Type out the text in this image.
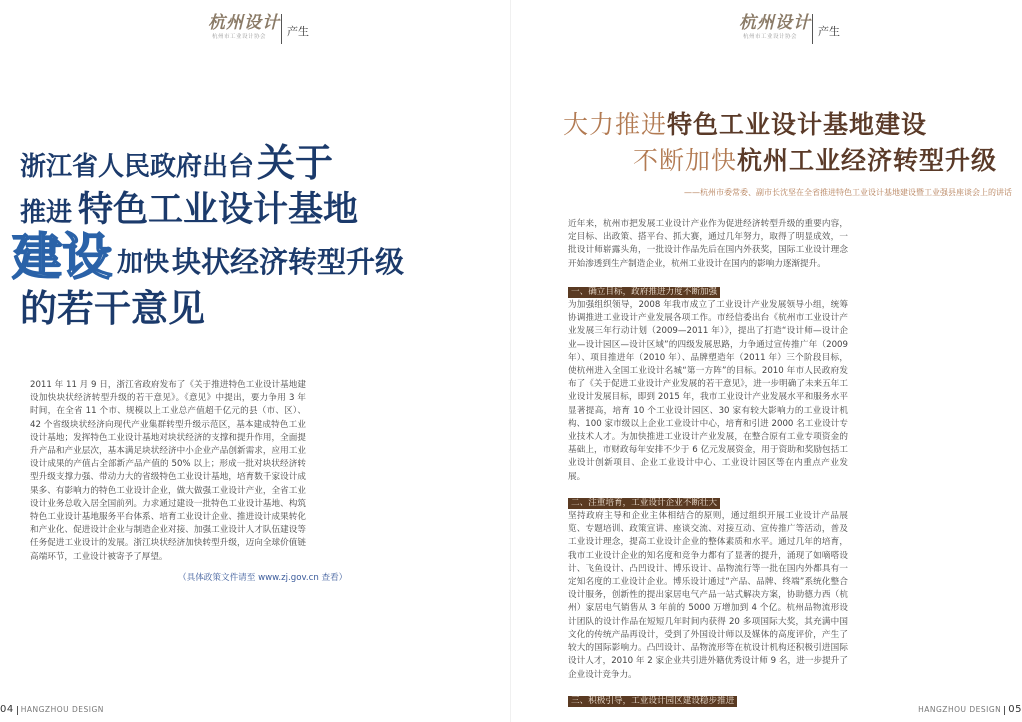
杭州设计
杭州市工业设计协会 产生
浙江省人民政府出台 关于
推进 特色工业设计基地
建设 加快 块状经济转型升级
的若干意见
2011 年 11 月 9 日，浙江省政府发布了《关于推进特色工业设计基地建设加快块状经济转型升级的若干意见》。《意见》中提出，要力争用 3 年时间，在全省 11 个市、规模以上工业总产值超千亿元的县（市、区）、42 个省级块状经济向现代产业集群转型升级示范区，基本建成特色工业设计基地；发挥特色工业设计基地对块状经济的支撑和提升作用，全面提升产品和产业层次，基本满足块状经济中小企业产品创新需求，应用工业设计成果的产值占全部新产品产值的 50% 以上；形成一批对块状经济转型升级支撑力强、带动力大的省级特色工业设计基地，培育数千家设计成果多、有影响力的特色工业设计企业，做大做强工业设计产业，全省工业设计业务总收入居全国前列。力求通过建设一批特色工业设计基地、构筑特色工业设计基地服务平台体系、培育工业设计企业、推进设计成果转化和产业化、促进设计企业与制造企业对接、加强工业设计人才队伍建设等任务促进工业设计的发展。浙江块状经济加快转型升级，迈向全球价值链高端环节，工业设计被寄予了厚望。
（具体政策文件请至 www.zj.gov.cn 查看）
04 HANGZHOU DESIGN
杭州设计
杭州市工业设计协会 产生
大力推进特色工业设计基地建设
不断加快杭州工业经济转型升级
——杭州市委常委、副市长沈坚在全省推进特色工业设计基地建设暨工业强县座谈会上的讲话

近年来，杭州市把发展工业设计产业作为促进经济转型升级的重要内容，定目标、出政策、搭平台、抓大赛，通过几年努力，取得了明显成效，一批设计师崭露头角，一批设计作品先后在国内外获奖，国际工业设计理念开始渗透到生产制造企业，杭州工业设计在国内的影响力逐渐提升。

一、确立目标，政府推进力度不断加强

为加强组织领导，2008 年我市成立了工业设计产业发展领导小组，统筹协调推进工业设计产业发展各项工作。市经信委出台《杭州市工业设计产业发展三年行动计划（2009—2011 年）》，提出了打造“设计师—设计企业—设计园区—设计区域”的四级发展思路，力争通过宣传推广年（2009 年）、项目推进年（2010 年）、品牌塑造年（2011 年）三个阶段目标，使杭州进入全国工业设计名城“第一方阵”的目标。2010 年市人民政府发布了《关于促进工业设计产业发展的若干意见》，进一步明确了未来五年工业设计发展目标，即到 2015 年，我市工业设计产业发展水平和服务水平显著提高，培育 10 个工业设计园区、30 家有较大影响力的工业设计机构、100 家市级以上企业工业设计中心，培育和引进 2000 名工业设计专业技术人才。为加快推进工业设计产业发展，在整合原有工业专项资金的基础上，市财政每年安排不少于 6 亿元发展资金，用于资助和奖励包括工业设计创新项目、企业工业设计中心、工业设计园区等在内重点产业发展。

二、注重培育，工业设计企业不断壮大

坚持政府主导和企业主体相结合的原则，通过组织开展工业设计产品展览、专题培训、政策宣讲、座谈交流、对接互动、宣传推广等活动，普及工业设计理念，提高工业设计企业的整体素质和水平。通过几年的培育，我市工业设计企业的知名度和竞争力都有了显著的提升，涌现了如嘀嗒设计、飞鱼设计、凸凹设计、博乐设计、品物流行等一批在国内外都具有一定知名度的工业设计企业。博乐设计通过“产品、品牌、终端”系统化整合设计服务，创新性的提出家居电气产品一站式解决方案，协助德力西（杭州）家居电气销售从 3 年前的 5000 万增加到 4 个亿。杭州品物流形设计团队的设计作品在短短几年时间内获得 20 多项国际大奖，其充满中国文化的传统产品再设计，受到了外国设计师以及媒体的高度评价，产生了较大的国际影响力。凸凹设计、品物流形等在杭设计机构还积极引进国际设计人才，2010 年 2 家企业共引进外籍优秀设计师 9 名，进一步提升了企业设计竞争力。

三、积极引导，工业设计园区建设稳步推进

HANGZHOU DESIGN 05
